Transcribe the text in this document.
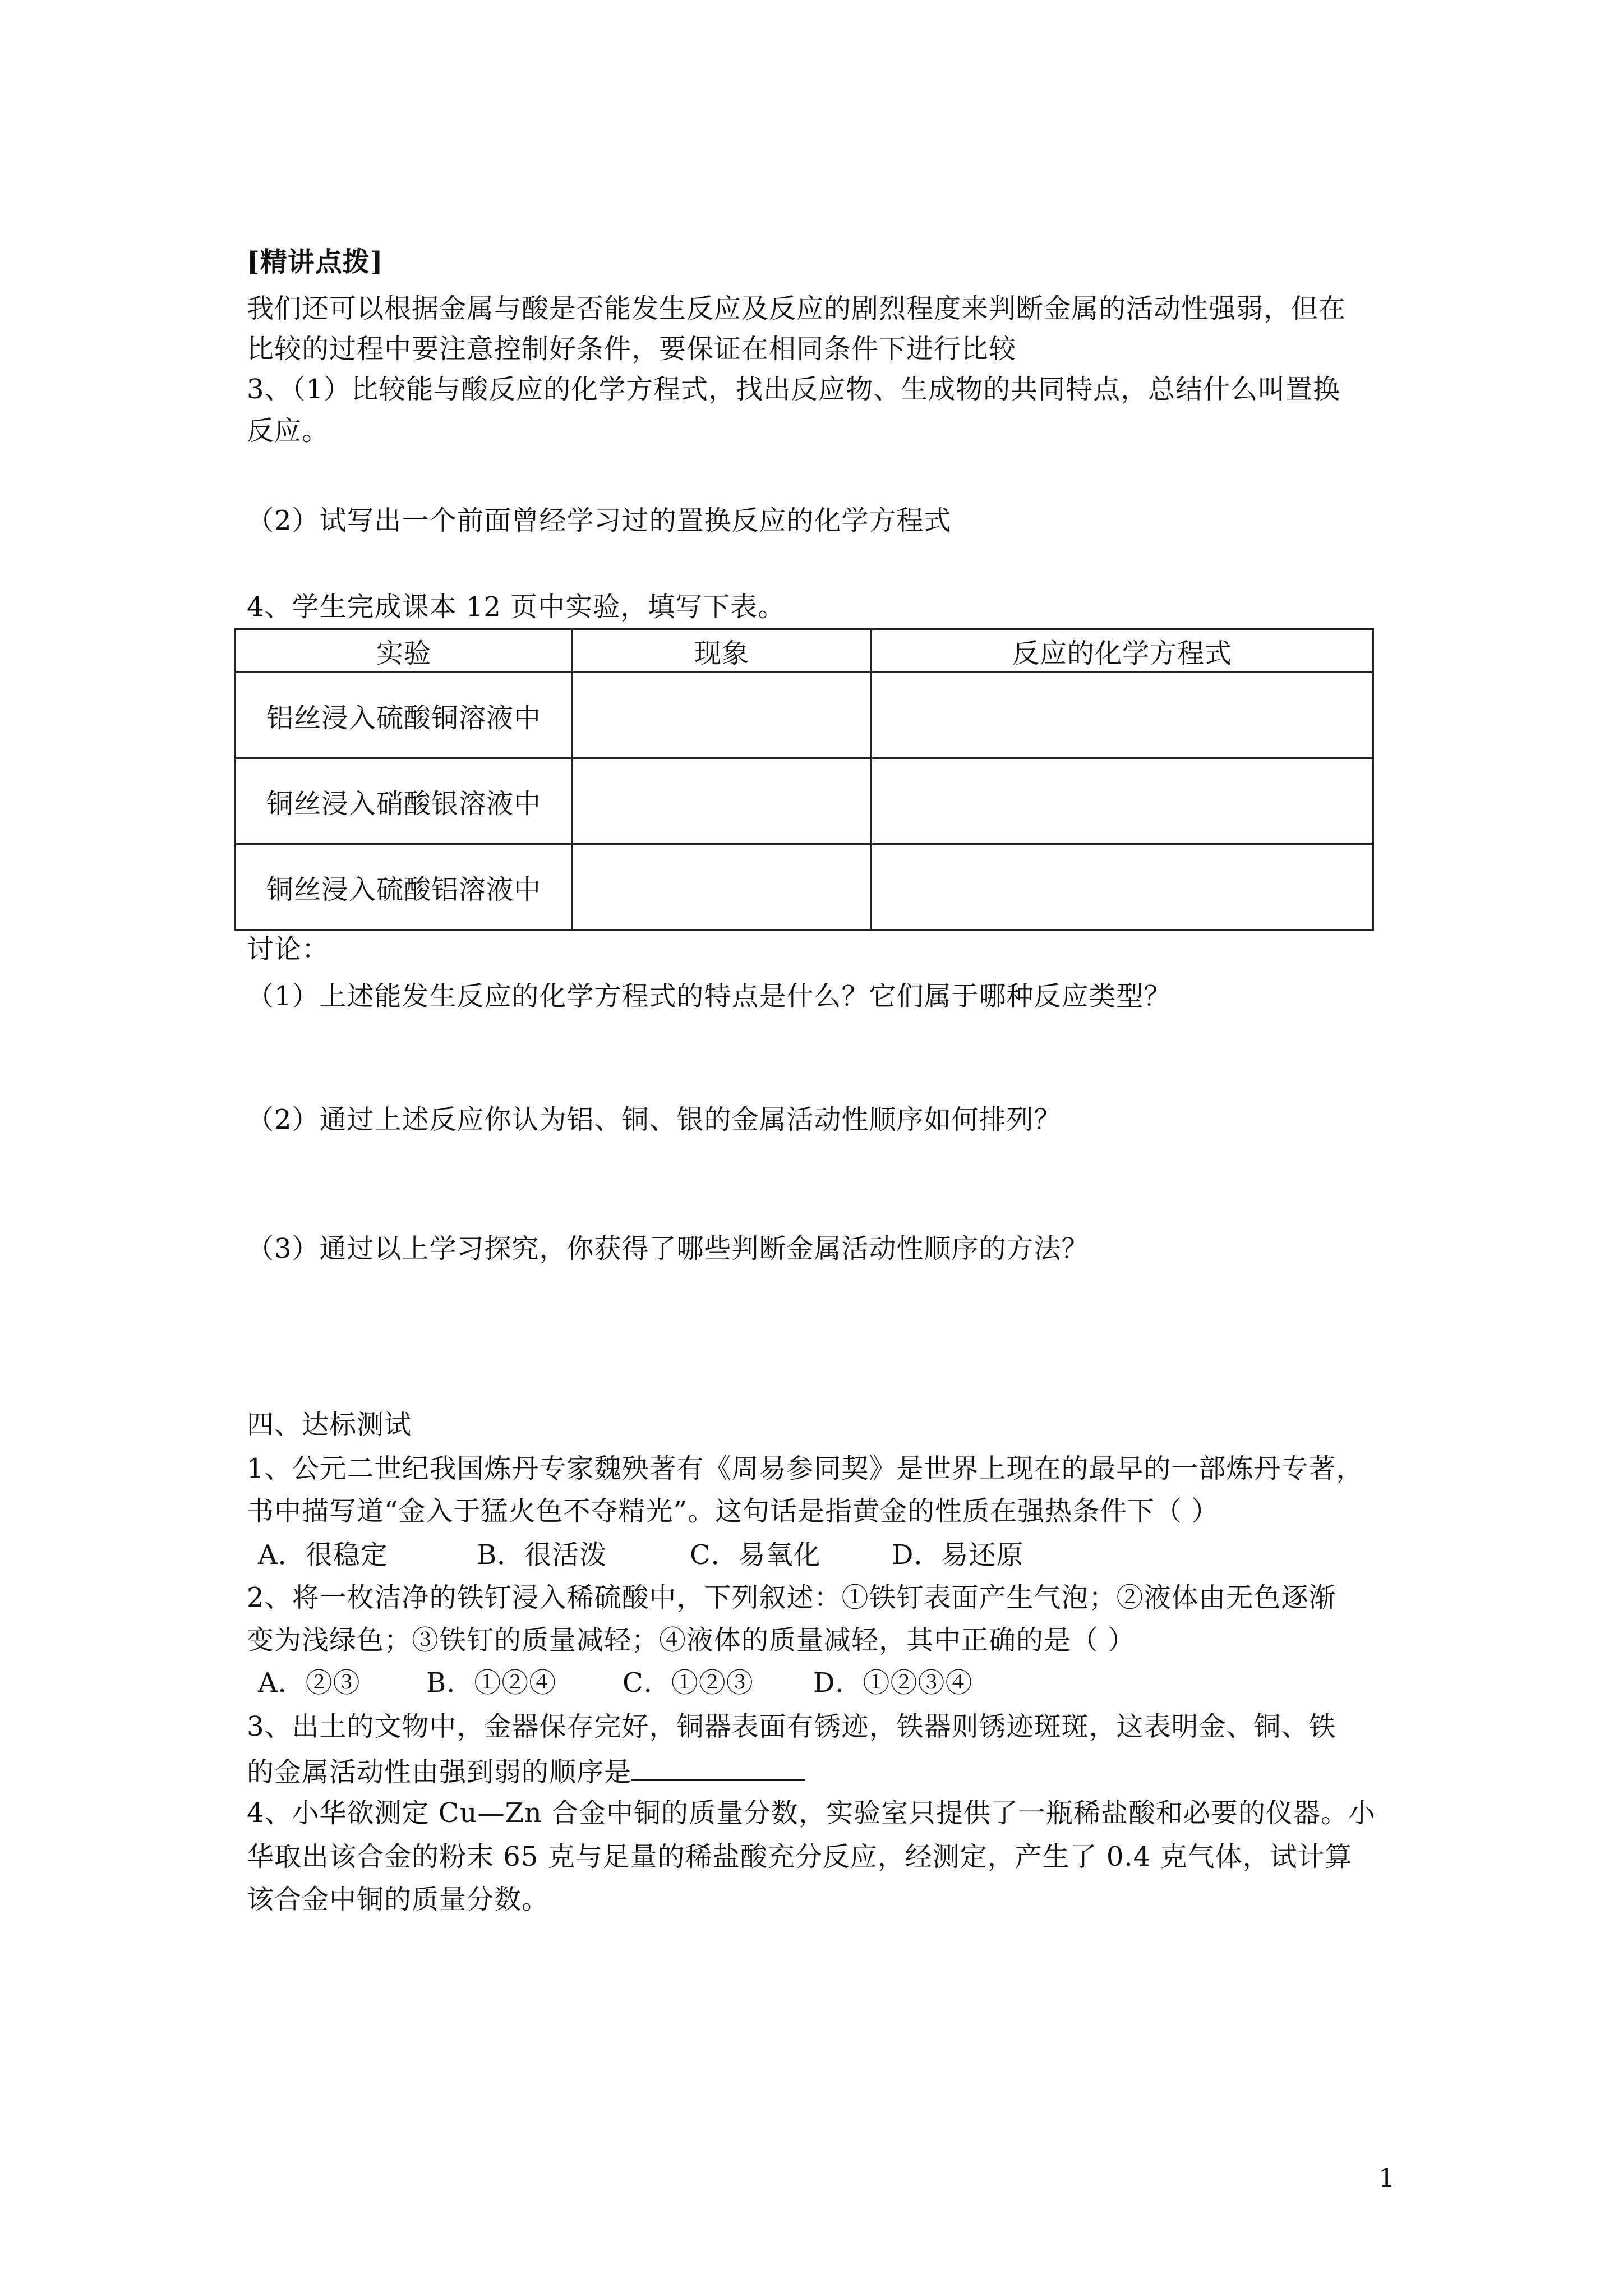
[精讲点拨]
我们还可以根据金属与酸是否能发生反应及反应的剧烈程度来判断金属的活动性强弱，但在
比较的过程中要注意控制好条件，要保证在相同条件下进行比较
3、（1）比较能与酸反应的化学方程式，找出反应物、生成物的共同特点，总结什么叫置换
反应。
（2）试写出一个前面曾经学习过的置换反应的化学方程式
4、学生完成课本 12 页中实验，填写下表。
实验	现象	反应的化学方程式
铝丝浸入硫酸铜溶液中		
铜丝浸入硝酸银溶液中		
铜丝浸入硫酸铝溶液中		
讨论：
（1）上述能发生反应的化学方程式的特点是什么？它们属于哪种反应类型？
（2）通过上述反应你认为铝、铜、银的金属活动性顺序如何排列？
（3）通过以上学习探究，你获得了哪些判断金属活动性顺序的方法？
四、达标测试
1、公元二世纪我国炼丹专家魏殃著有《周易参同契》是世界上现在的最早的一部炼丹专著，
书中描写道“金入于猛火色不夺精光”。这句话是指黄金的性质在强热条件下（ ）
A．很稳定	B．很活泼	C．易氧化	D．易还原
2、将一枚洁净的铁钉浸入稀硫酸中，下列叙述：①铁钉表面产生气泡；②液体由无色逐渐
变为浅绿色；③铁钉的质量减轻；④液体的质量减轻，其中正确的是（ ）
A．②③ B．①②④ C．①②③ D．①②③④
3、出土的文物中，金器保存完好，铜器表面有锈迹，铁器则锈迹斑斑，这表明金、铜、铁
的金属活动性由强到弱的顺序是
4、小华欲测定 Cu—Zn 合金中铜的质量分数，实验室只提供了一瓶稀盐酸和必要的仪器。小
华取出该合金的粉末 65 克与足量的稀盐酸充分反应，经测定，产生了 0.4 克气体，试计算
该合金中铜的质量分数。
1
